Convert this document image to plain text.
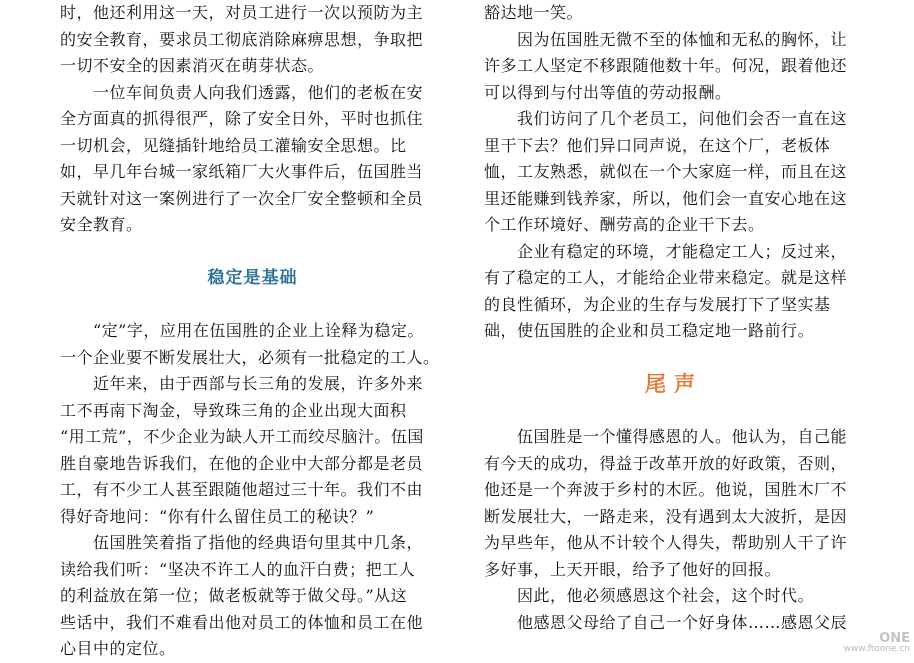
时，他还利用这一天，对员工进行一次以预防为主
的安全教育，要求员工彻底消除麻痹思想，争取把
一切不安全的因素消灭在萌芽状态。
　　一位车间负责人向我们透露，他们的老板在安
全方面真的抓得很严，除了安全日外，平时也抓住
一切机会，见缝插针地给员工灌输安全思想。比
如，早几年台城一家纸箱厂大火事件后，伍国胜当
天就针对这一案例进行了一次全厂安全整顿和全员
安全教育。
稳定是基础
　　“定”字，应用在伍国胜的企业上诠释为稳定。
一个企业要不断发展壮大，必须有一批稳定的工人。
　　近年来，由于西部与长三角的发展，许多外来
工不再南下淘金，导致珠三角的企业出现大面积
“用工荒”，不少企业为缺人开工而绞尽脑汁。伍国
胜自豪地告诉我们，在他的企业中大部分都是老员
工，有不少工人甚至跟随他超过三十年。我们不由
得好奇地问：“你有什么留住员工的秘诀？”
　　伍国胜笑着指了指他的经典语句里其中几条，
读给我们听：“坚决不许工人的血汗白费；把工人
的利益放在第一位；做老板就等于做父母。”从这
些话中，我们不难看出他对员工的体恤和员工在他
心目中的定位。
豁达地一笑。
　　因为伍国胜无微不至的体恤和无私的胸怀，让
许多工人坚定不移跟随他数十年。何况，跟着他还
可以得到与付出等值的劳动报酬。
　　我们访问了几个老员工，问他们会否一直在这
里干下去？他们异口同声说，在这个厂，老板体
恤，工友熟悉，就似在一个大家庭一样，而且在这
里还能赚到钱养家，所以，他们会一直安心地在这
个工作环境好、酬劳高的企业干下去。
　　企业有稳定的环境，才能稳定工人；反过来，
有了稳定的工人，才能给企业带来稳定。就是这样
的良性循环，为企业的生存与发展打下了坚实基
础，使伍国胜的企业和员工稳定地一路前行。
尾声
　　伍国胜是一个懂得感恩的人。他认为，自己能
有今天的成功，得益于改革开放的好政策，否则，
他还是一个奔波于乡村的木匠。他说，国胜木厂不
断发展壮大，一路走来，没有遇到太大波折，是因
为早些年，他从不计较个人得失，帮助别人干了许
多好事，上天开眼，给予了他好的回报。
　　因此，他必须感恩这个社会，这个时代。
　　他感恩父母给了自己一个好身体……感恩父辰
ONE
www.ftoone.cn
